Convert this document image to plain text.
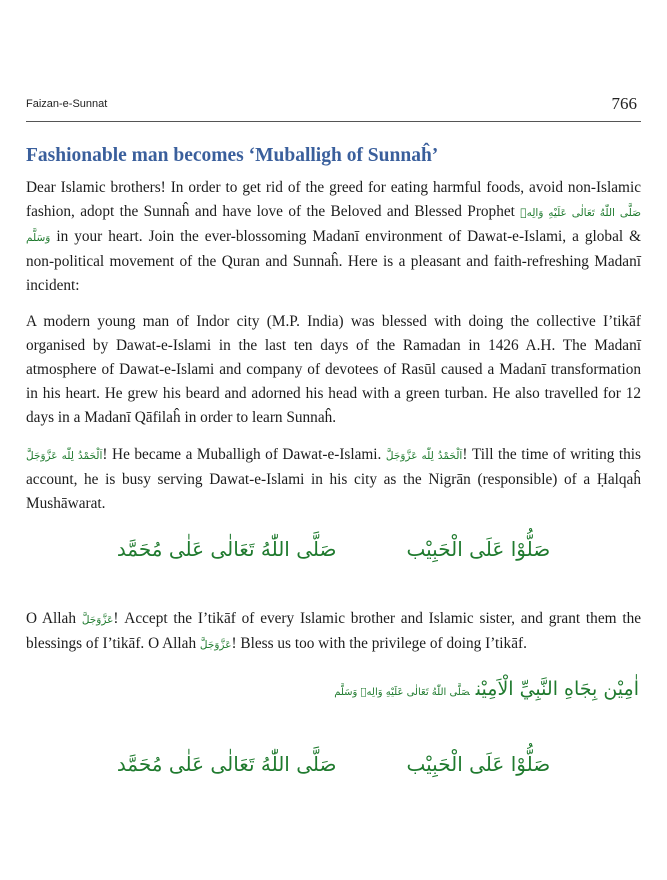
Faizan-e-Sunnat	766
Fashionable man becomes ‘Muballigh of Sunnaĥ’

Dear Islamic brothers! In order to get rid of the greed for eating harmful foods, avoid non-Islamic fashion, adopt the Sunnaĥ and have love of the Beloved and Blessed Prophet صَلَّى اللّٰهُ تَعَالٰى عَلَيْهِ وَالِهٖ وَسَلَّم in your heart. Join the ever-blossoming Madanī environment of Dawat-e-Islami, a global & non-political movement of the Quran and Sunnaĥ. Here is a pleasant and faith-refreshing Madanī incident:

A modern young man of Indor city (M.P. India) was blessed with doing the collective I’tikāf organised by Dawat-e-Islami in the last ten days of the Ramadan in 1426 A.H. The Madanī atmosphere of Dawat-e-Islami and company of devotees of Rasūl caused a Madanī transformation in his heart. He grew his beard and adorned his head with a green turban. He also travelled for 12 days in a Madanī Qāfilaĥ in order to learn Sunnaĥ.

اَلْحَمْدُ لِلّٰه عَزَّوَجَلَّ! He became a Muballigh of Dawat-e-Islami. اَلْحَمْدُ لِلّٰه عَزَّوَجَلَّ! Till the time of writing this account, he is busy serving Dawat-e-Islami in his city as the Nigrān (responsible) of a Ḥalqaĥ Mushāwarat.

صَلُّوْا عَلَى الْحَبِيْب
صَلَّى اللّٰهُ تَعَالٰى عَلٰى مُحَمَّد

O Allah عَزَّوَجَلَّ! Accept the I’tikāf of every Islamic brother and Islamic sister, and grant them the blessings of I’tikāf. O Allah عَزَّوَجَلَّ! Bless us too with the privilege of doing I’tikāf.

اٰمِيْن بِجَاهِ النَّبِيِّ الْاَمِيْنصَلَّى اللّٰهُ تَعَالٰى عَلَيْهِ وَالِهٖ وَسَلَّم
صَلُّوْا عَلَى الْحَبِيْب
صَلَّى اللّٰهُ تَعَالٰى عَلٰى مُحَمَّد
